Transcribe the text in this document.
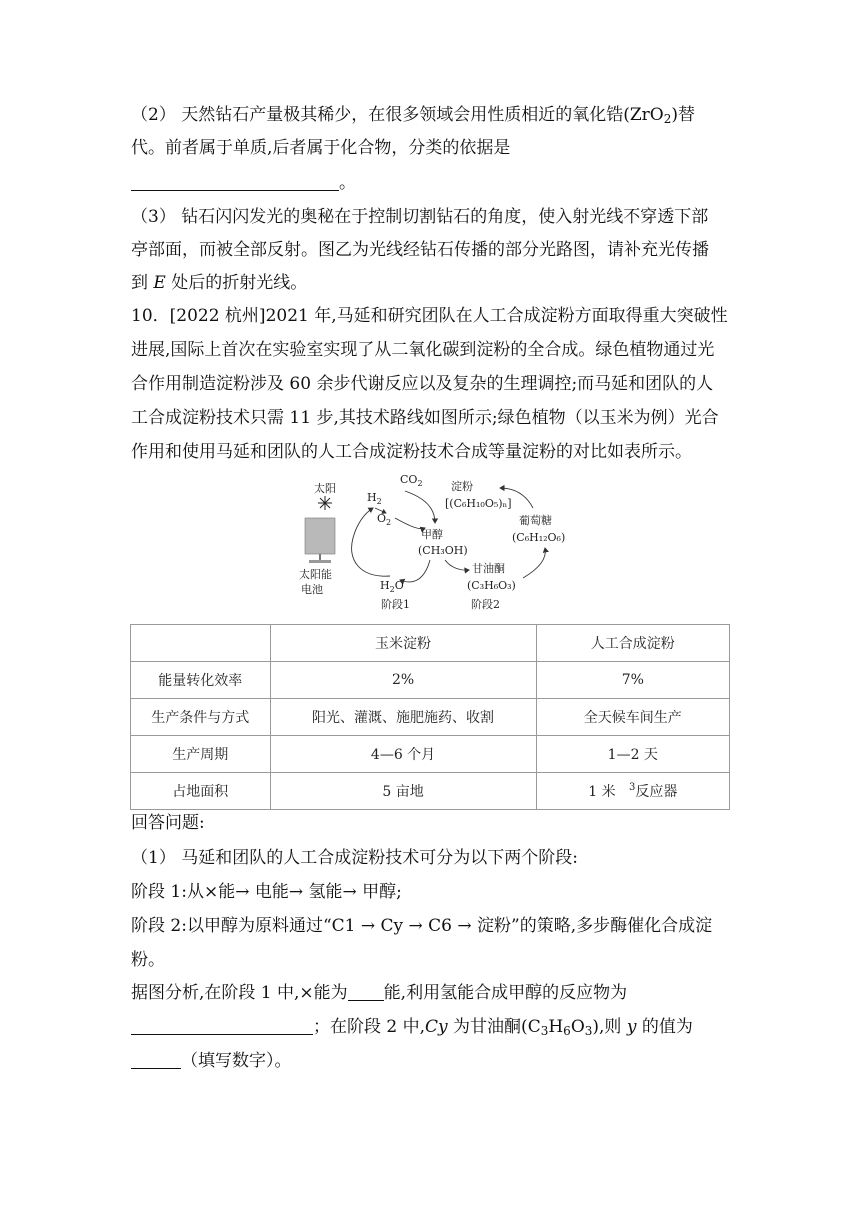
（2） 天然钻石产量极其稀少，在很多领域会用性质相近的氧化锆(ZrO$_2$)替
代。前者属于单质,后者属于化合物，分类的依据是
。
（3） 钻石闪闪发光的奥秘在于控制切割钻石的角度，使入射光线不穿透下部
亭部面，而被全部反射。图乙为光线经钻石传播的部分光路图，请补充光传播
到 E 处后的折射光线。
10．[2022 杭州]2021 年,马延和研究团队在人工合成淀粉方面取得重大突破性
进展,国际上首次在实验室实现了从二氧化碳到淀粉的全合成。绿色植物通过光
合作用制造淀粉涉及 60 余步代谢反应以及复杂的生理调控;而马延和团队的人
工合成淀粉技术只需 11 步,其技术路线如图所示;绿色植物（以玉米为例）光合
作用和使用马延和团队的人工合成淀粉技术合成等量淀粉的对比如表所示。
太阳
太阳能
电池
$H_2$
$O_2$
$CO_2$
$H_2O$
阶段1
甲醇
(CH₃OH)
甘油酮
(C₃H₆O₃)
阶段2
葡萄糖
(C₆H₁₂O₆)
淀粉
[(C₆H₁₀O₅)ₙ]
	玉米淀粉	人工合成淀粉
能量转化效率	2%	7%
生产条件与方式	阳光、灌溉、施肥施药、收割	全天候车间生产
生产周期	4—6 个月	1—2 天
占地面积	5 亩地	1 米 $^3$反应器
回答问题:
（1） 马延和团队的人工合成淀粉技术可分为以下两个阶段:
阶段 1:从×能→ 电能→ 氢能→ 甲醇;
阶段 2:以甲醇为原料通过“C1 → Cy → C6 → 淀粉”的策略,多步酶催化合成淀
粉。
据图分析,在阶段 1 中,×能为 能,利用氢能合成甲醇的反应物为
；在阶段 2 中,Cy 为甘油酮$(C_3H_6O_3)$,则 y 的值为
（填写数字）。
